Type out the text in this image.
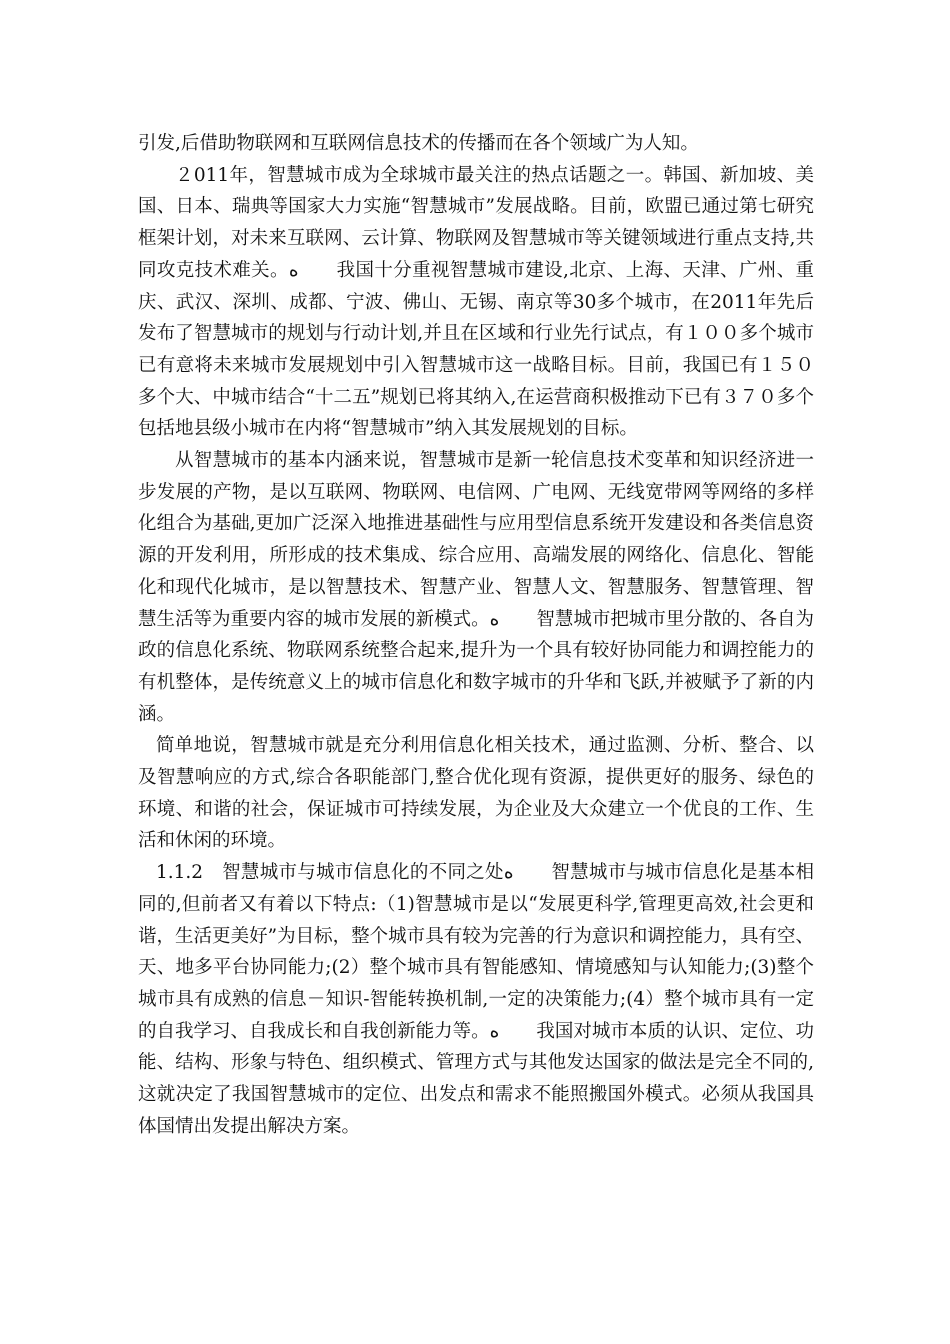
引发,后借助物联网和互联网信息技术的传播而在各个领域广为人知。

２011年，智慧城市成为全球城市最关注的热点话题之一。韩国、新加坡、美国、日本、瑞典等国家大力实施“智慧城市”发展战略。目前，欧盟已通过第七研究框架计划，对未来互联网、云计算、物联网及智慧城市等关键领域进行重点支持,共同攻克技术难关。ه　　我国十分重视智慧城市建设,北京、上海、天津、广州、重庆、武汉、深圳、成都、宁波、佛山、无锡、南京等30多个城市，在2011年先后发布了智慧城市的规划与行动计划,并且在区域和行业先行试点，有１００多个城市已有意将未来城市发展规划中引入智慧城市这一战略目标。目前，我国已有１５０多个大、中城市结合“十二五”规划已将其纳入,在运营商积极推动下已有３７０多个包括地县级小城市在内将“智慧城市”纳入其发展规划的目标。

从智慧城市的基本内涵来说，智慧城市是新一轮信息技术变革和知识经济进一步发展的产物，是以互联网、物联网、电信网、广电网、无线宽带网等网络的多样化组合为基础,更加广泛深入地推进基础性与应用型信息系统开发建设和各类信息资源的开发利用，所形成的技术集成、综合应用、高端发展的网络化、信息化、智能化和现代化城市，是以智慧技术、智慧产业、智慧人文、智慧服务、智慧管理、智慧生活等为重要内容的城市发展的新模式。ه　　智慧城市把城市里分散的、各自为政的信息化系统、物联网系统整合起来,提升为一个具有较好协同能力和调控能力的有机整体，是传统意义上的城市信息化和数字城市的升华和飞跃,并被赋予了新的内涵。

简单地说，智慧城市就是充分利用信息化相关技术，通过监测、分析、整合、以及智慧响应的方式,综合各职能部门,整合优化现有资源，提供更好的服务、绿色的环境、和谐的社会，保证城市可持续发展，为企业及大众建立一个优良的工作、生活和休闲的环境。

1.1.2　智慧城市与城市信息化的不同之处ه　　智慧城市与城市信息化是基本相同的,但前者又有着以下特点:（1)智慧城市是以“发展更科学,管理更高效,社会更和谐，生活更美好”为目标，整个城市具有较为完善的行为意识和调控能力，具有空、天、地多平台协同能力;(2）整个城市具有智能感知、情境感知与认知能力;(3)整个城市具有成熟的信息－知识-智能转换机制,一定的决策能力;(4）整个城市具有一定的自我学习、自我成长和自我创新能力等。ه　　我国对城市本质的认识、定位、功能、结构、形象与特色、组织模式、管理方式与其他发达国家的做法是完全不同的,这就决定了我国智慧城市的定位、出发点和需求不能照搬国外模式。必须从我国具体国情出发提出解决方案。
